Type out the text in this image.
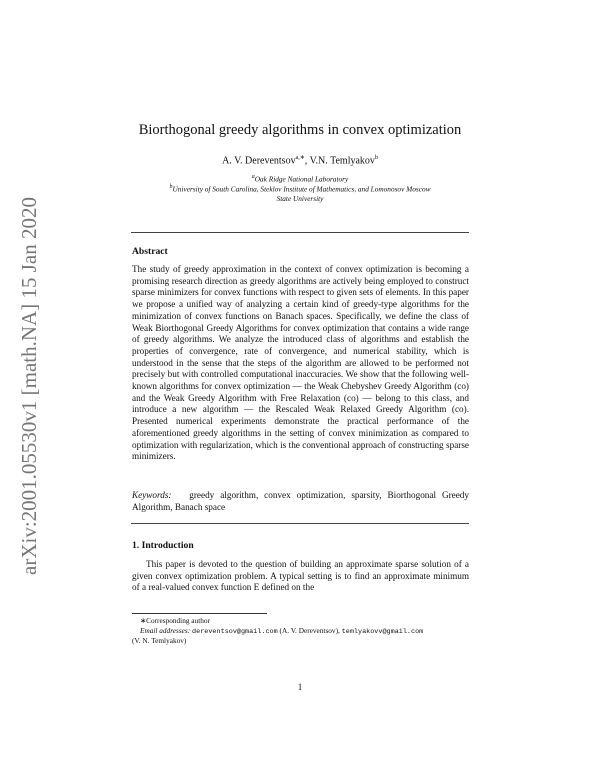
arXiv:2001.05530v1 [math.NA] 15 Jan 2020
Biorthogonal greedy algorithms in convex optimization
A. V. Dereventsov$^{a,∗}$, V.N. Temlyakov$^b$
$^a$Oak Ridge National Laboratory
$^b$University of South Carolina, Steklov Institute of Mathematics, and Lomonosov Moscow
State University
Abstract
The study of greedy approximation in the context of convex optimization is becoming a promising research direction as greedy algorithms are actively being employed to construct sparse minimizers for convex functions with respect to given sets of elements. In this paper we propose a unified way of analyzing a certain kind of greedy-type algorithms for the minimization of convex functions on Banach spaces. Specifically, we define the class of Weak Biorthogonal Greedy Algorithms for convex optimization that contains a wide range of greedy algorithms. We analyze the introduced class of algorithms and establish the properties of convergence, rate of convergence, and numerical stability, which is understood in the sense that the steps of the algorithm are allowed to be performed not precisely but with controlled computational inaccuracies. We show that the following well-known algorithms for convex optimization — the Weak Chebyshev Greedy Algorithm (co) and the Weak Greedy Algorithm with Free Relaxation (co) — belong to this class, and introduce a new algorithm — the Rescaled Weak Relaxed Greedy Algorithm (co). Presented numerical experiments demonstrate the practical performance of the aforementioned greedy algorithms in the setting of convex minimization as compared to optimization with regularization, which is the conventional approach of constructing sparse minimizers.
Keywords: greedy algorithm, convex optimization, sparsity, Biorthogonal Greedy Algorithm, Banach space
1. Introduction
This paper is devoted to the question of building an approximate sparse solution of a given convex optimization problem. A typical setting is to find an approximate minimum of a real-valued convex function E defined on the
∗Corresponding author
Email addresses: dereventsov@gmail.com (A. V. Dereventsov), temlyakovv@gmail.com
(V. N. Temlyakov)
1
